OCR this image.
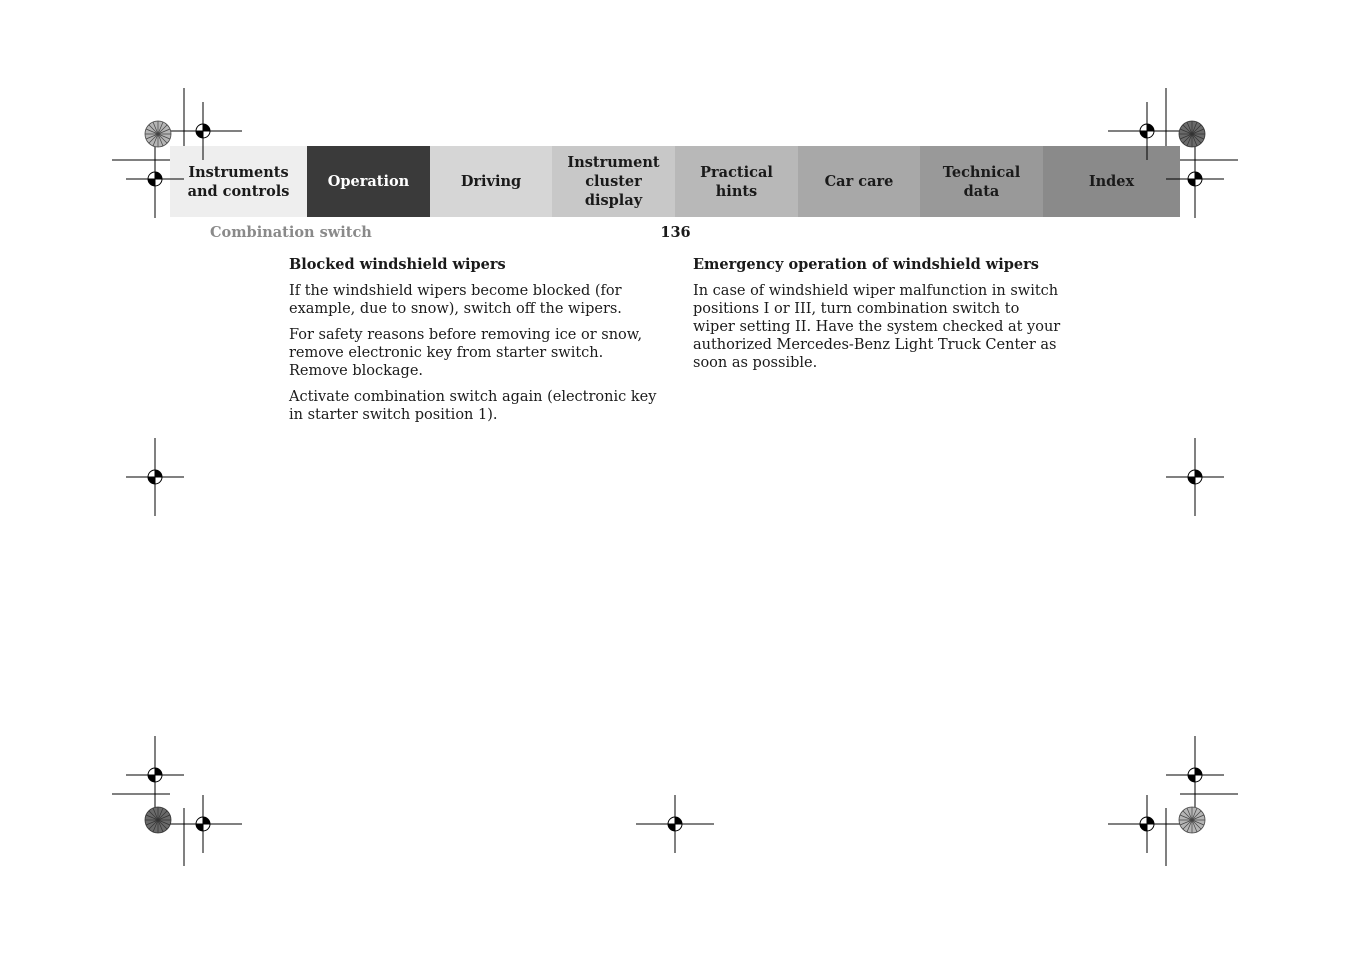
Instruments
and controls
Operation	Driving
Instrument
cluster display
Practical hints
Car care
Technical
data
Index
Combination switch	136
Blocked windshield wipers

If the windshield wipers become blocked (for example, due to snow), switch off the wipers.

For safety reasons before removing ice or snow, remove electronic key from starter switch. Remove blockage.

Activate combination switch again (electronic key in starter switch position 1).

Emergency operation of windshield wipers

In case of windshield wiper malfunction in switch positions I or III, turn combination switch to wiper setting II. Have the system checked at your authorized Mercedes-Benz Light Truck Center as soon as possible.
